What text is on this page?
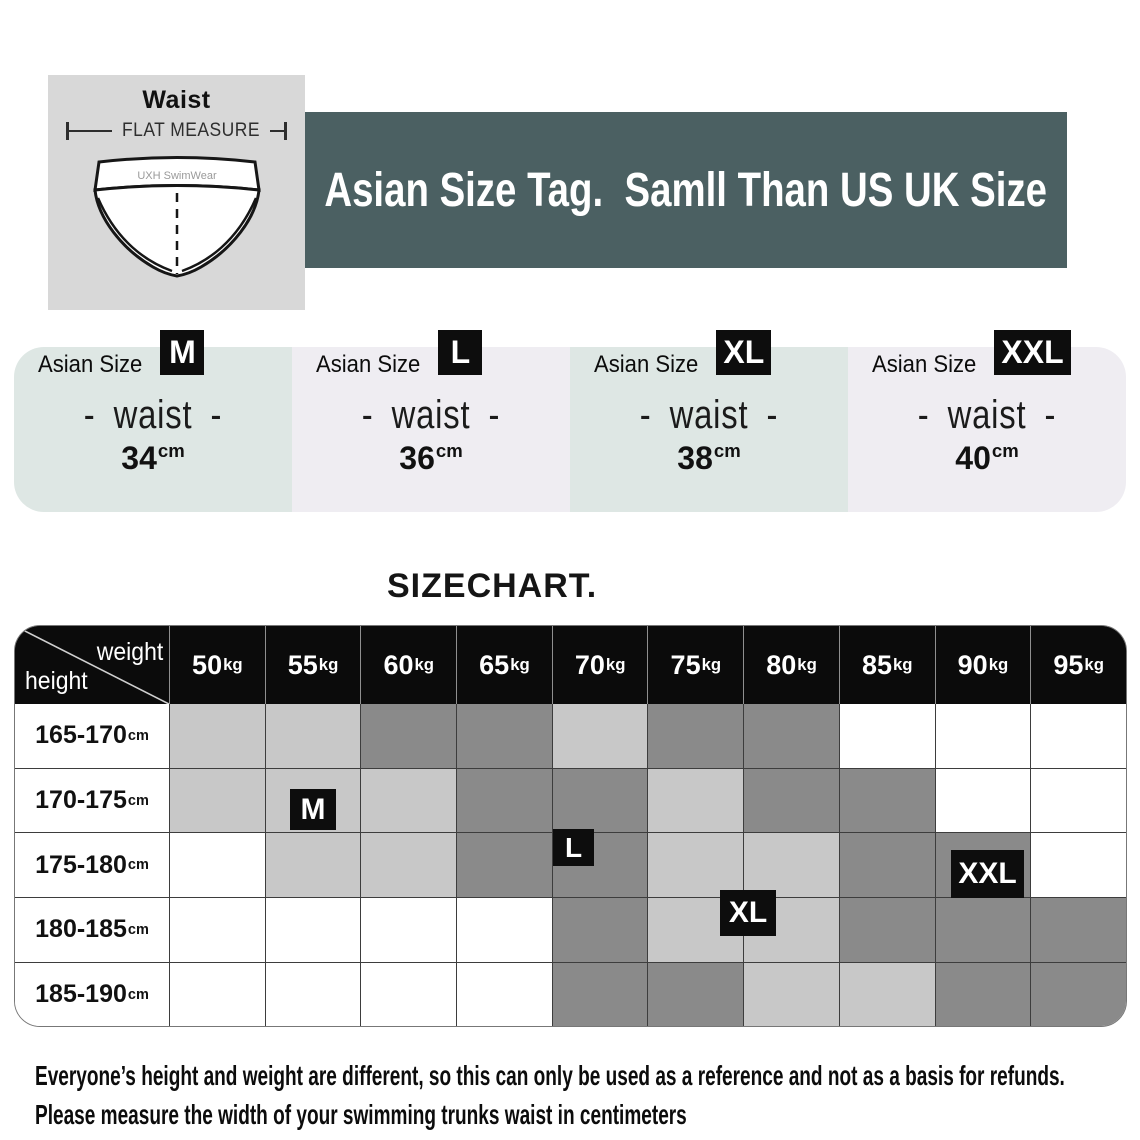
Waist
FLAT MEASURE
UXH SwimWear Asian Size Tag.  Samll Than US UK Size
Asian Size M
- waist -
$34^{cm}$
Asian Size L
- waist -
$36^{cm}$
Asian Size XL
- waist -
$38^{cm}$
Asian Size XXL
- waist -
$40^{cm}$
SIZECHART.
weight
height
50 kg 55 kg 60 kg 65 kg 70 kg 75 kg 80 kg 85 kg 90 kg 95 kg
165-170 cm
170-175 cm
175-180 cm
180-185 cm
185-190 cm
M
L
XL
XXL
Everyone’s height and weight are different, so this can only be used as a reference and not as a basis for refunds.
Please measure the width of your swimming trunks waist in centimeters
